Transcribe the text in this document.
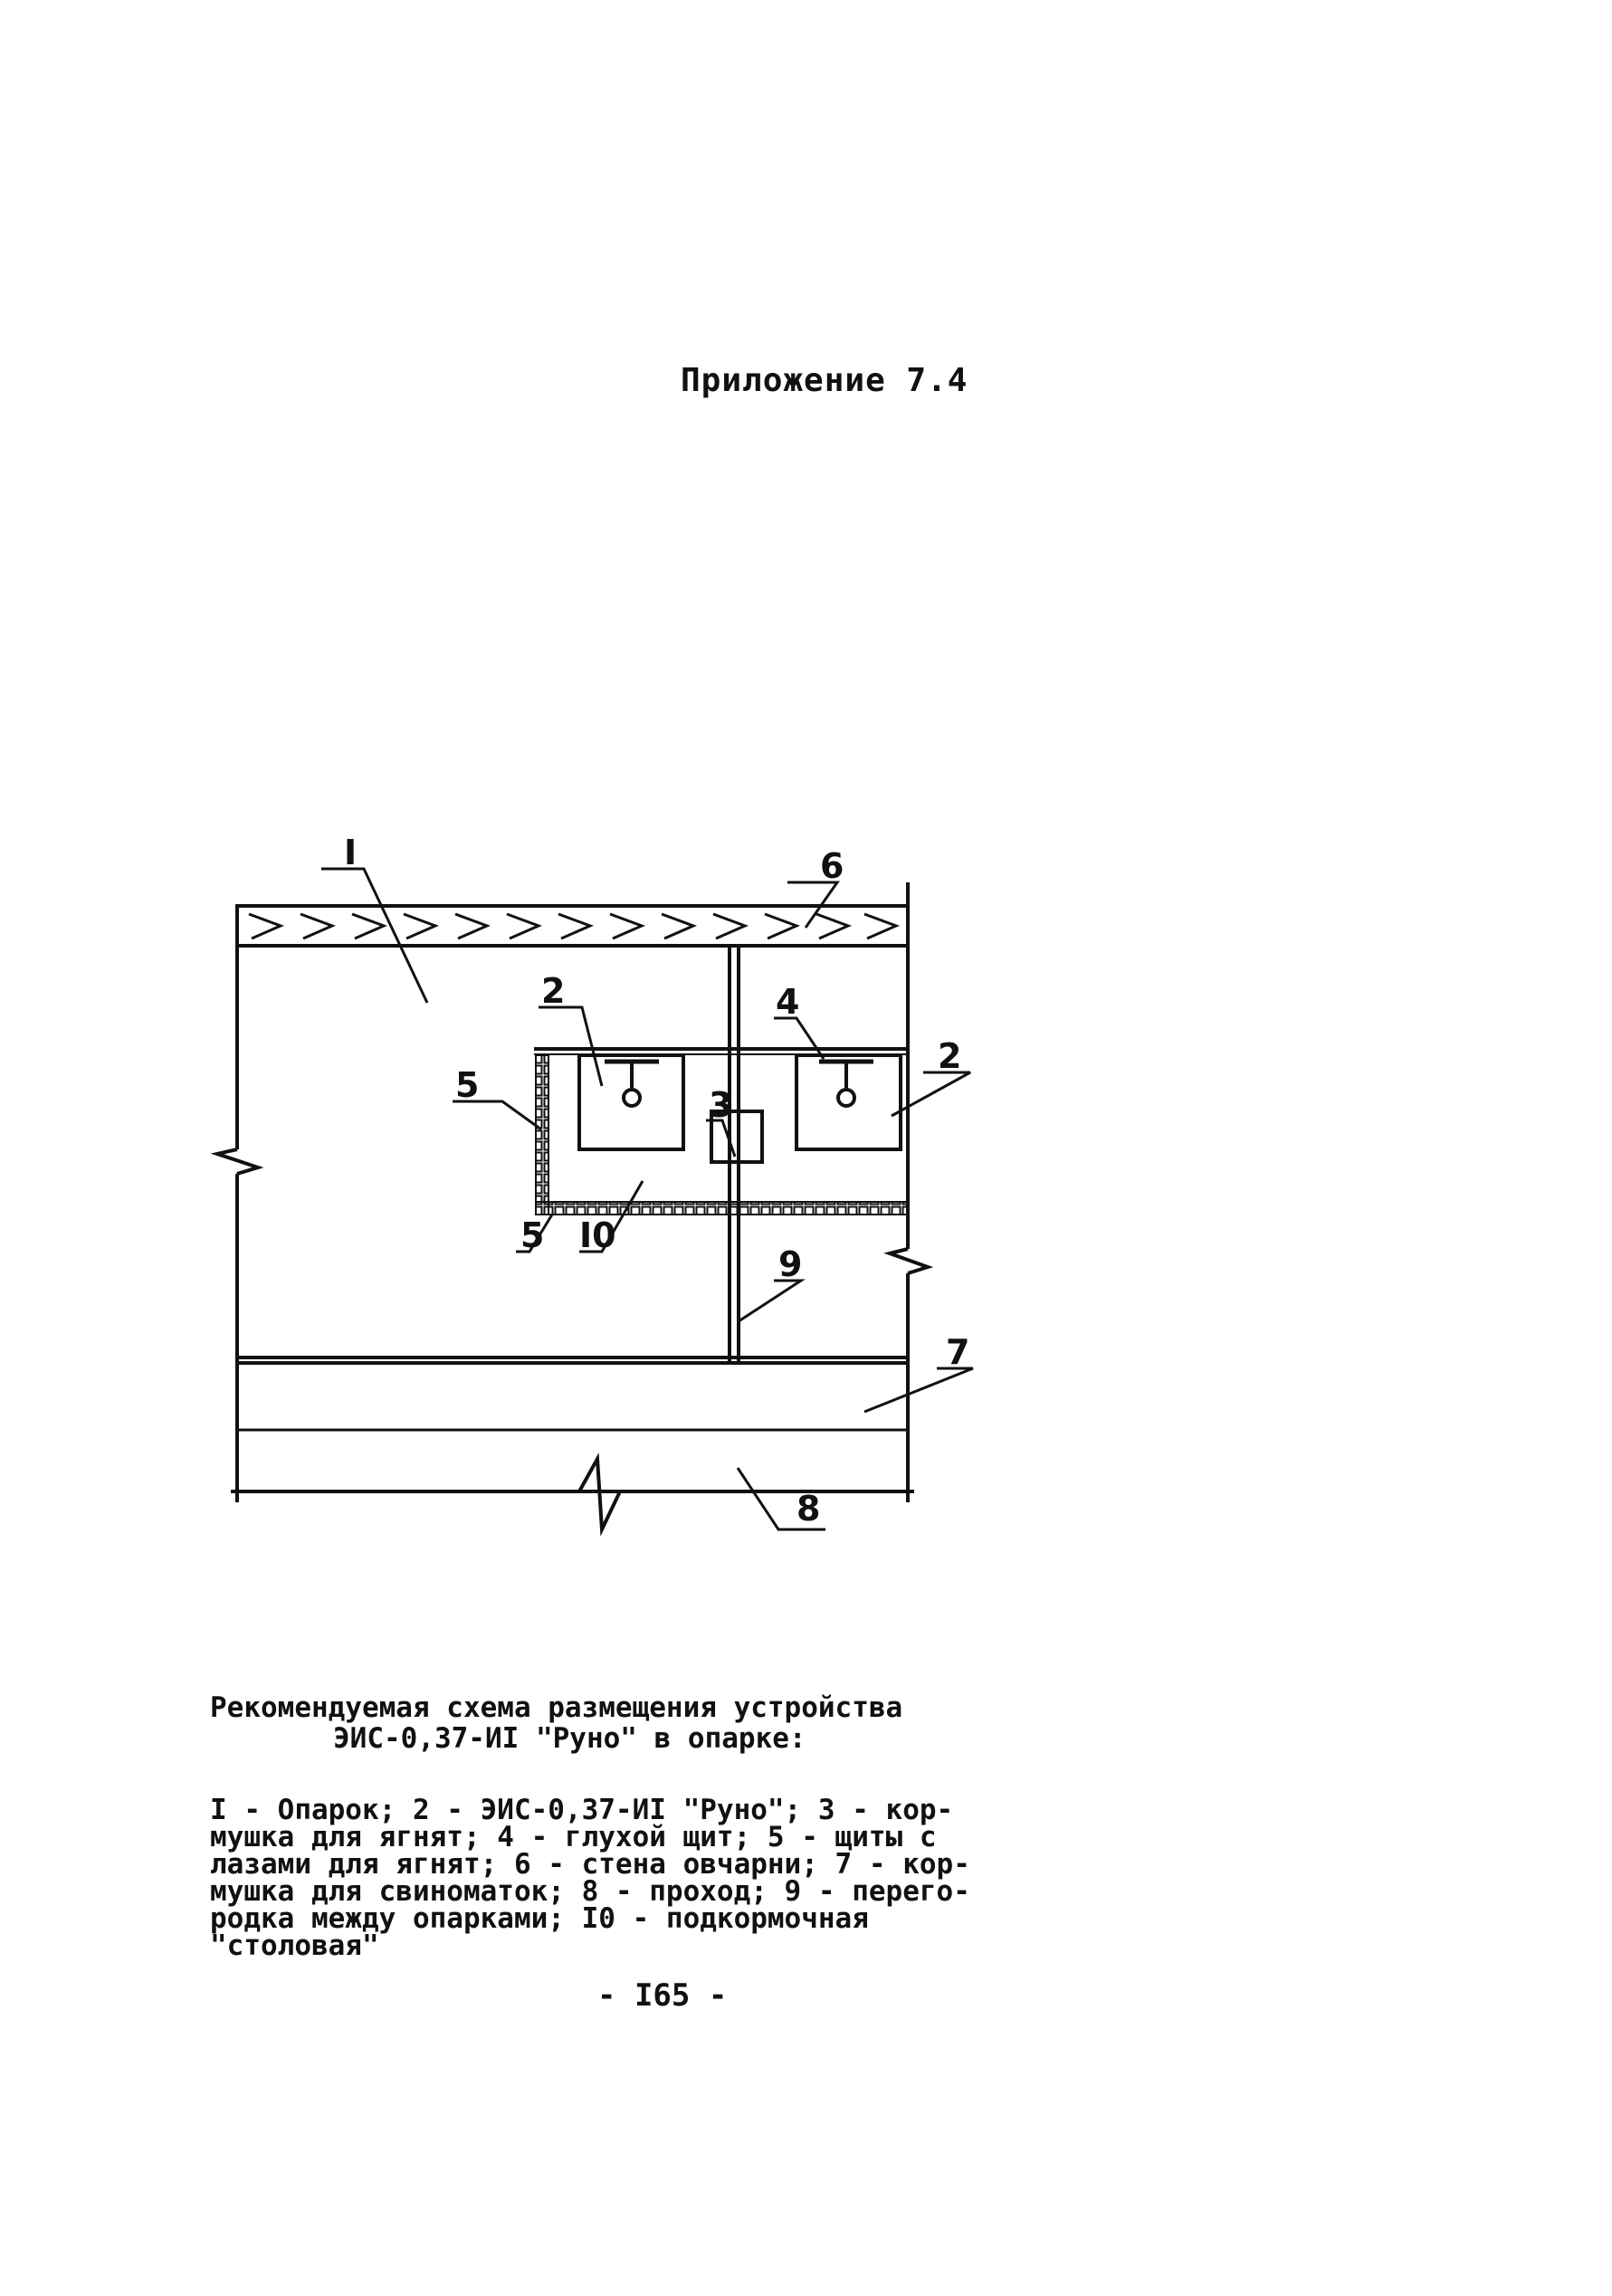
Приложение 7.4
I
2
2
3
4
5
5
6
7
8
9
I0
Рекомендуемая схема размещения устройства
ЭИС-0,37-ИI "Руно" в опарке:
I - Опарок; 2 - ЭИС-0,37-ИI "Руно"; 3 - кор-
мушка для ягнят; 4 - глухой щит; 5 - щиты с
лазами для ягнят; 6 - стена овчарни; 7 - кор-
мушка для свиноматок; 8 - проход; 9 - перего-
родка между опарками; I0 - подкормочная
"столовая"
- I65 -
